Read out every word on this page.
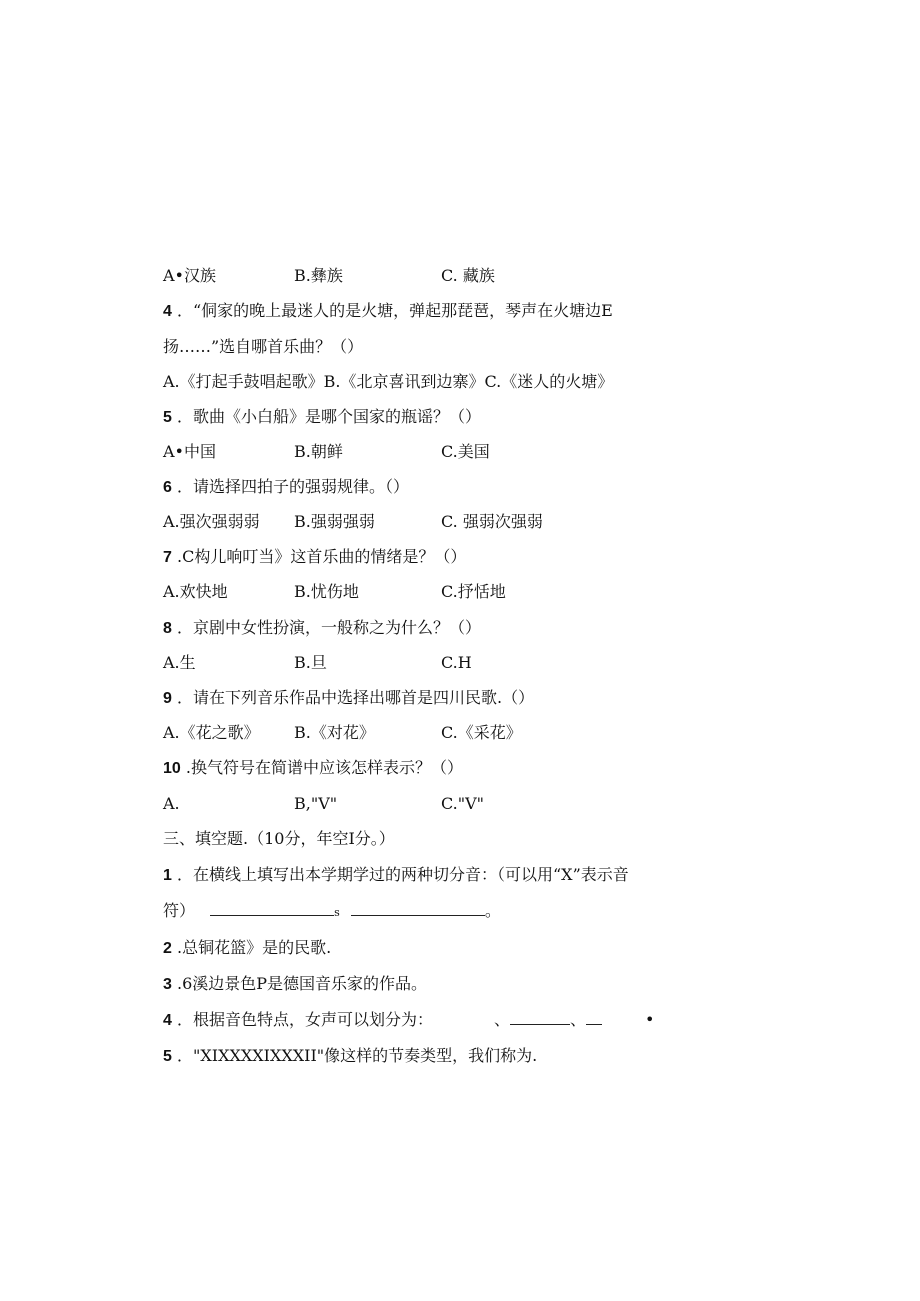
A•汉族	B.彝族	C. 藏族
4 ．“侗家的晚上最迷人的是火塘，弹起那琵琶，琴声在火塘边E
扬……”选自哪首乐曲？（）
A.《打起手鼓唱起歌》B.《北京喜讯到边寨》C.《迷人的火塘》
5 ．歌曲《小白船》是哪个国家的瓶谣？（）
A•中国	B.朝鲜	C.美国
6 ．请选择四拍子的强弱规律。（）
A.强次强弱弱 B.强弱强弱	C. 强弱次强弱
7 .C构儿响叮当》这首乐曲的情绪是？（）
A.欢快地	B.忧伤地	C.抒恬地
8 ．京剧中女性扮演，一般称之为什么？（）
A.生	B.旦	C.H
9 ．请在下列音乐作品中选择出哪首是四川民歌.（）
A.《花之歌》 B.《对花》	C.《采花》
10 .换气符号在简谱中应该怎样表示？（）
A.	B,"V"	C."V"
三、填空题.（10分，年空I分。）
1 ．在横线上填写出本学期学过的两种切分音：（可以用“X”表示音
符）	s	。
2 .总铜花篮》是的民歌.
3 .6溪边景色P是德国音乐家的作品。
4 ．根据音色特点，女声可以划分为：	、	、	•
5 ．"XIXXXXIXXXII"像这样的节奏类型，我们称为.
